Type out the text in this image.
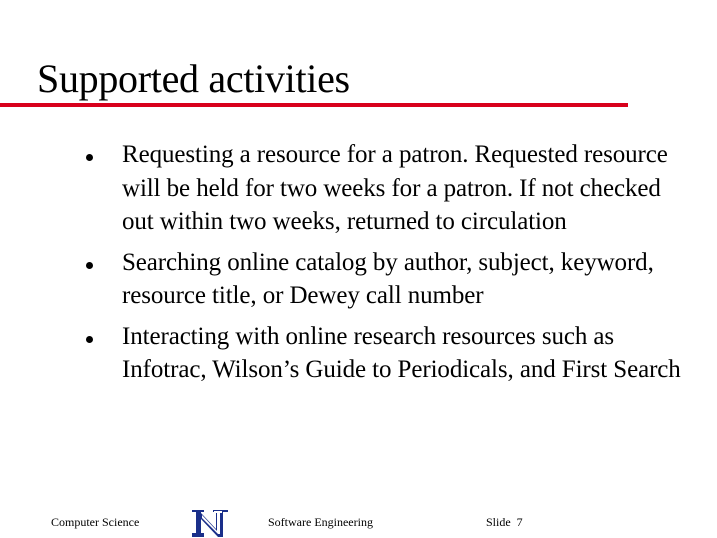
Supported activities
Requesting a resource for a patron. Requested resource will be held for two weeks for a patron. If not checked out within two weeks, returned to circulation
Searching online catalog by author, subject, keyword, resource title, or Dewey call number
Interacting with online research resources such as Infotrac, Wilson’s Guide to Periodicals, and First Search
Computer Science	Software Engineering	Slide  7
